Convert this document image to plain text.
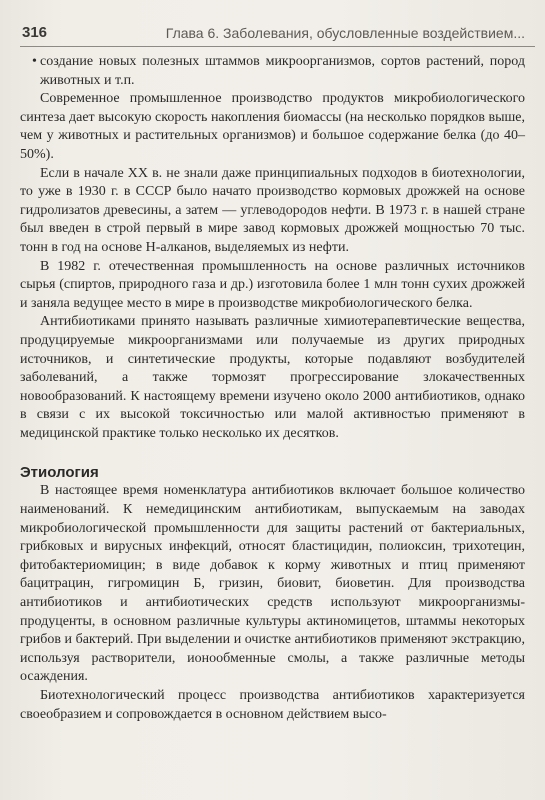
316	Глава 6. Заболевания, обусловленные воздействием...

• создание новых полезных штаммов микроорганизмов, сортов растений, пород животных и т.п.

Современное промышленное производство продуктов микробиологического синтеза дает высокую скорость накопления биомассы (на несколько порядков выше, чем у животных и растительных организмов) и большое содержание белка (до 40–50%).

Если в начале XX в. не знали даже принципиальных подходов в биотехнологии, то уже в 1930 г. в СССР было начато производство кормовых дрожжей на основе гидролизатов древесины, а затем — углеводородов нефти. В 1973 г. в нашей стране был введен в строй первый в мире завод кормовых дрожжей мощностью 70 тыс. тонн в год на основе Н-алканов, выделяемых из нефти.

В 1982 г. отечественная промышленность на основе различных источников сырья (спиртов, природного газа и др.) изготовила более 1 млн тонн сухих дрожжей и заняла ведущее место в мире в производстве микробиологического белка.

Антибиотиками принято называть различные химиотерапевтические вещества, продуцируемые микроорганизмами или получаемые из других природных источников, и синтетические продукты, которые подавляют возбудителей заболеваний, а также тормозят прогрессирование злокачественных новообразований. К настоящему времени изучено около 2000 антибиотиков, однако в связи с их высокой токсичностью или малой активностью применяют в медицинской практике только несколько их десятков.

Этиология

В настоящее время номенклатура антибиотиков включает большое количество наименований. К немедицинским антибиотикам, выпускаемым на заводах микробиологической промышленности для защиты растений от бактериальных, грибковых и вирусных инфекций, относят бластицидин, полиоксин, трихотецин, фитобактериомицин; в виде добавок к корму животных и птиц применяют бацитрацин, гигромицин Б, гризин, биовит, биоветин. Для производства антибиотиков и антибиотических средств используют микроорганизмы-продуценты, в основном различные культуры актиномицетов, штаммы некоторых грибов и бактерий. При выделении и очистке антибиотиков применяют экстракцию, используя растворители, ионообменные смолы, а также различные методы осаждения.

Биотехнологический процесс производства антибиотиков характеризуется своеобразием и сопровождается в основном действием высо-
